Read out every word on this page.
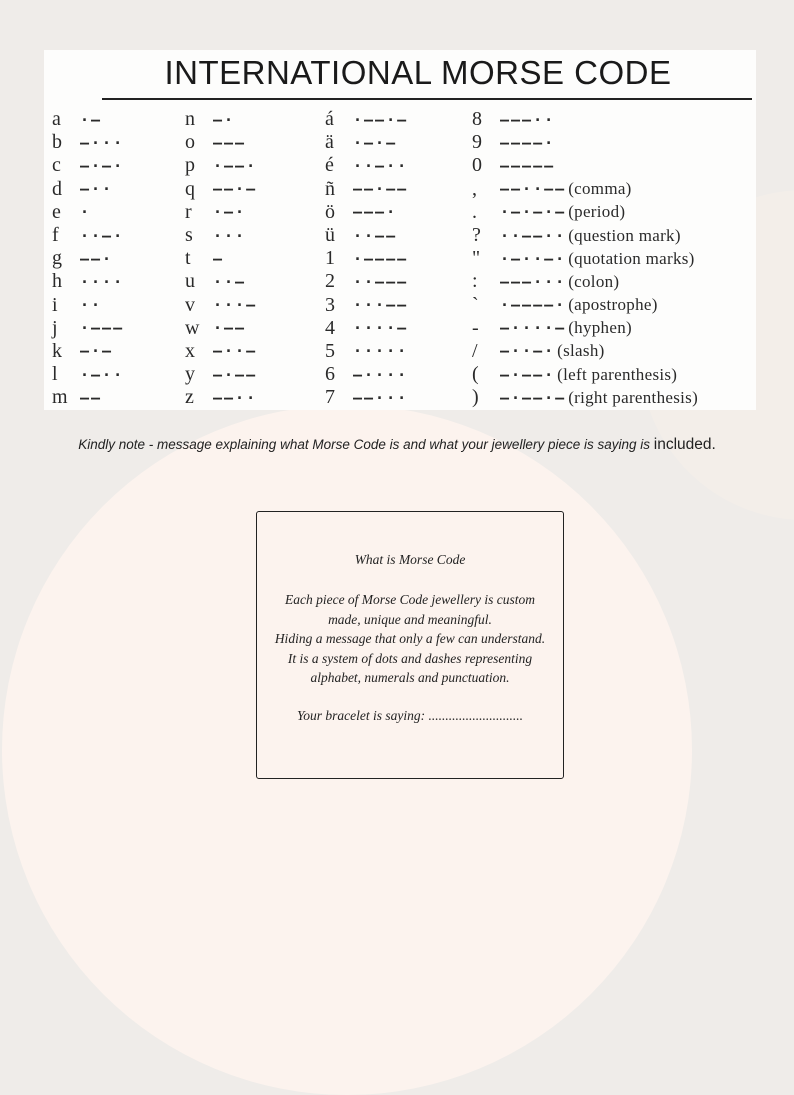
INTERNATIONAL MORSE CODE
a	·–
b	–···
c	–·–·
d	–··
e	·
f	··–·
g	––·
h	····
i	··
j	·–––
k	–·–
l	·–··
m ––
n	–·
o	–––
p	·––·
q	––·–
r	·–·
s	···
t	–
u	··–
v	···–
w ·––
x	–··–
y	–·––
z	––··
á	·––·–
ä	·–·–
é	··–··
ñ	––·––
ö	–––·
ü	··––
1	·––––
2	··–––
3	···––
4	····–
5	·····
6	–····
7	––···
8	–––··
9	––––·
0	–––––
,	––··–– (comma)
.	·–·–·– (period)
?	··––·· (question mark)
"	·–··–· (quotation marks)
:	–––··· (colon)
`	·––––· (apostrophe)
-	–····– (hyphen)
/	–··–· (slash)
(	–·––· (left parenthesis)
)	–·––·– (right parenthesis)
Kindly note - message explaining what Morse Code is and what your jewellery piece is saying is included.
What is Morse Code
Each piece of Morse Code jewellery is custom
made, unique and meaningful.
Hiding a message that only a few can understand.
It is a system of dots and dashes representing
alphabet, numerals and punctuation.
Your bracelet is saying: ............................
